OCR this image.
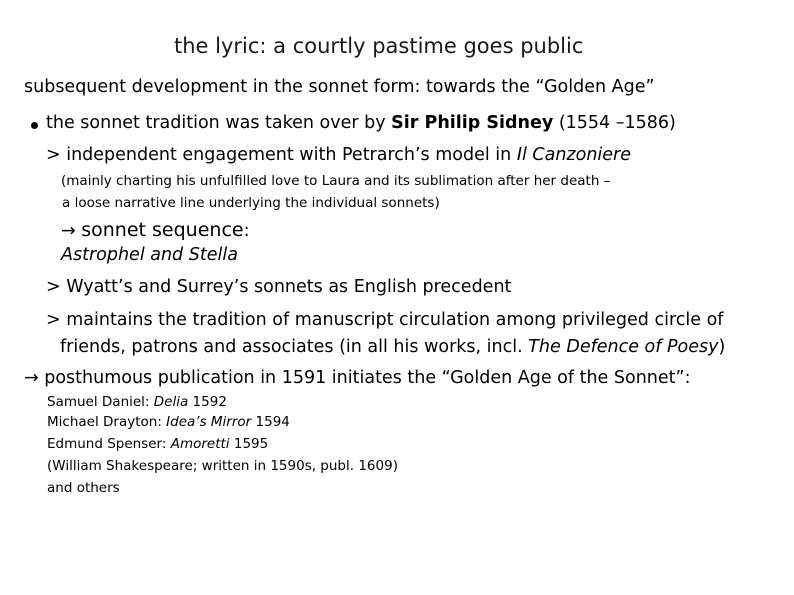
the lyric: a courtly pastime goes public
subsequent development in the sonnet form: towards the “Golden Age”
the sonnet tradition was taken over by Sir Philip Sidney (1554 –1586)
> independent engagement with Petrarch’s model in Il Canzoniere
(mainly charting his unfulfilled love to Laura and its sublimation after her death –
a loose narrative line underlying the individual sonnets)
→ sonnet sequence:
Astrophel and Stella
> Wyatt’s and Surrey’s sonnets as English precedent
> maintains the tradition of manuscript circulation among privileged circle of
friends, patrons and associates (in all his works, incl. The Defence of Poesy)
→ posthumous publication in 1591 initiates the “Golden Age of the Sonnet”:
Samuel Daniel: Delia 1592
Michael Drayton: Idea’s Mirror 1594
Edmund Spenser: Amoretti 1595
(William Shakespeare; written in 1590s, publ. 1609)
and others
